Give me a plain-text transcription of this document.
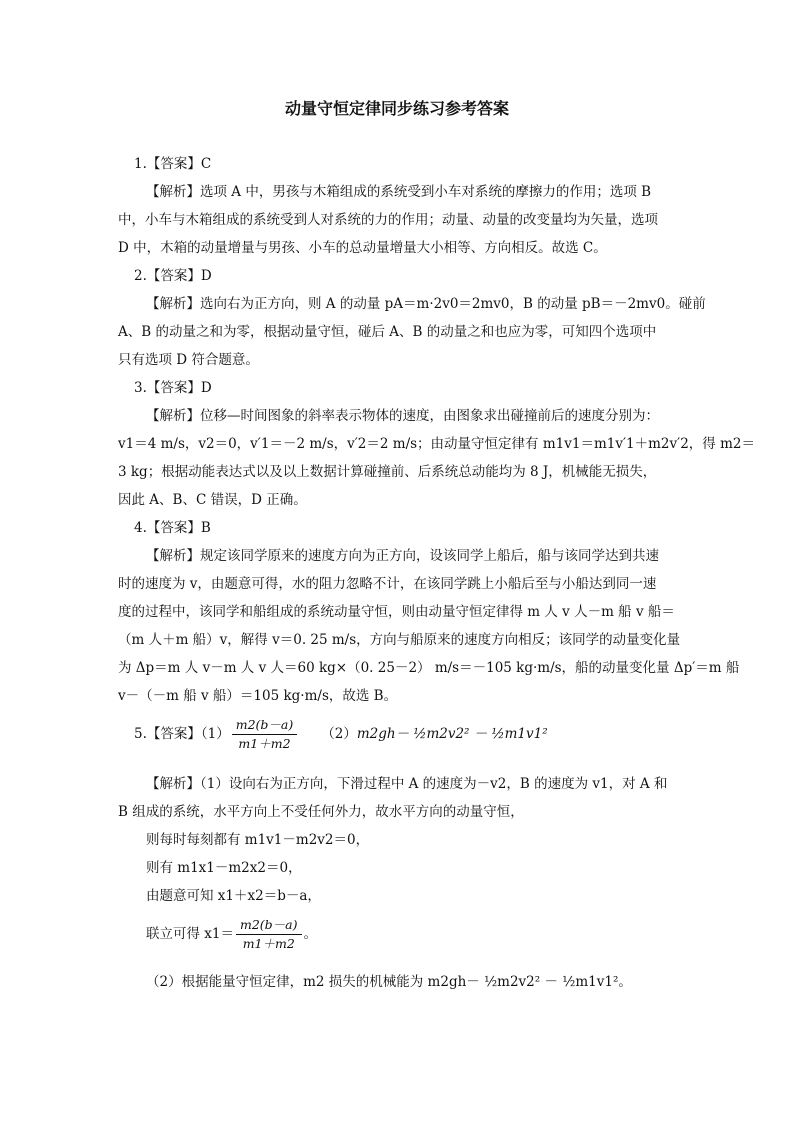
动量守恒定律同步练习参考答案
1.【答案】C
【解析】选项 A 中，男孩与木箱组成的系统受到小车对系统的摩擦力的作用；选项 B
中，小车与木箱组成的系统受到人对系统的力的作用；动量、动量的改变量均为矢量，选项
D 中，木箱的动量增量与男孩、小车的总动量增量大小相等、方向相反。故选 C。
2.【答案】D
【解析】选向右为正方向，则 A 的动量 pA＝m·2v0＝2mv0，B 的动量 pB＝－2mv0。碰前
A、B 的动量之和为零，根据动量守恒，碰后 A、B 的动量之和也应为零，可知四个选项中
只有选项 D 符合题意。
3.【答案】D
【解析】位移—时间图象的斜率表示物体的速度，由图象求出碰撞前后的速度分别为：
v1＝4 m/s，v2＝0，v′1＝－2 m/s，v′2＝2 m/s；由动量守恒定律有 m1v1＝m1v′1＋m2v′2，得 m2＝
3 kg；根据动能表达式以及以上数据计算碰撞前、后系统总动能均为 8 J，机械能无损失，
因此 A、B、C 错误，D 正确。
4.【答案】B
【解析】规定该同学原来的速度方向为正方向，设该同学上船后，船与该同学达到共速
时的速度为 v，由题意可得，水的阻力忽略不计，在该同学跳上小船后至与小船达到同一速
度的过程中，该同学和船组成的系统动量守恒，则由动量守恒定律得 m 人 v 人－m 船 v 船＝
（m 人＋m 船）v，解得 v＝0. 25 m/s，方向与船原来的速度方向相反；该同学的动量变化量
为 Δp＝m 人 v－m 人 v 人＝60 kg×（0. 25－2） m/s＝－105 kg·m/s，船的动量变化量 Δp′＝m 船
v－（－m 船 v 船）＝105 kg·m/s，故选 B。
5.【答案】$(1) \frac{m2(b-a)}{m1+m2} (2)$ m2gh－ ½m2v2² － ½m1v1²
【解析】（1）设向右为正方向，下滑过程中 A 的速度为－v2，B 的速度为 v1，对 A 和
B 组成的系统，水平方向上不受任何外力，故水平方向的动量守恒，
则每时每刻都有 m1v1－m2v2＝0，
则有 m1x1－m2x2＝0，
由题意可知 x1＋x2＝b－a，
联立可得 $x1= \frac{m2(b-a)}{m1+m2}$ 。
（2）根据能量守恒定律，m2 损失的机械能为 m2gh－ ½m2v2² － ½m1v1²。
